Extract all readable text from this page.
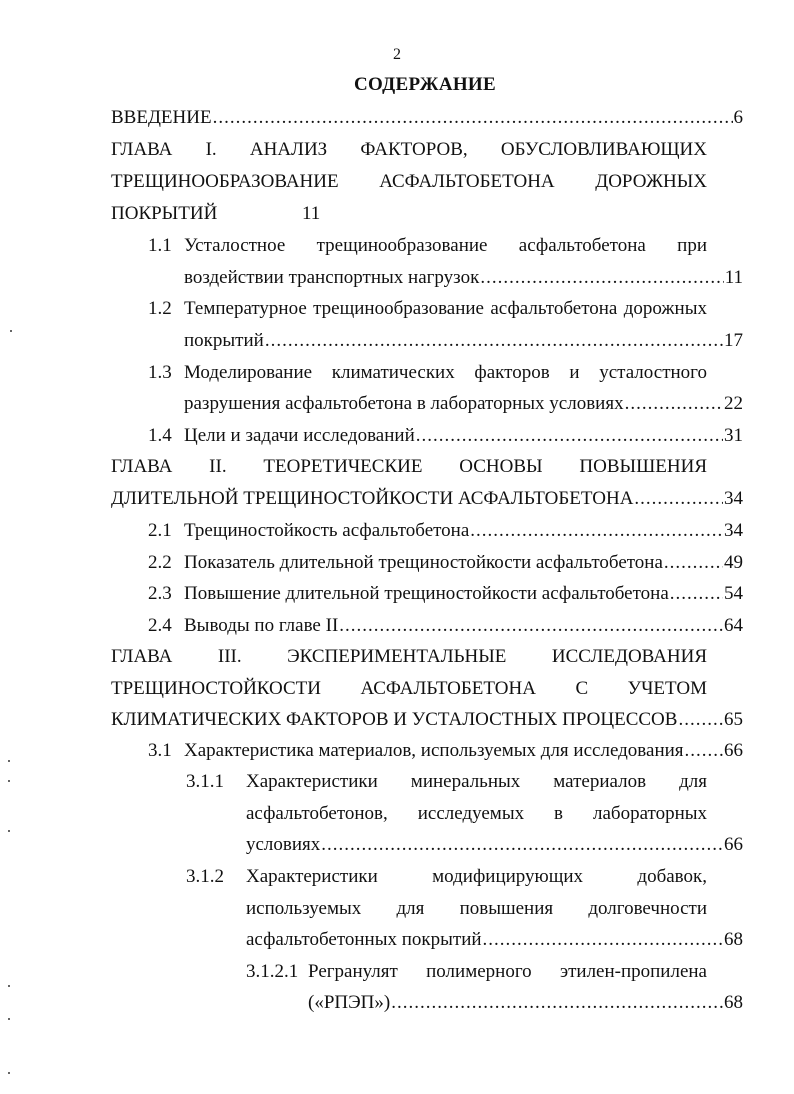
2
СОДЕРЖАНИЕ
ВВЕДЕНИЕ .....	6
ГЛАВА I. АНАЛИЗ ФАКТОРОВ, ОБУСЛОВЛИВАЮЩИХ
ТРЕЩИНООБРАЗОВАНИЕ АСФАЛЬТОБЕТОНА ДОРОЖНЫХ
ПОКРЫТИЙ	11
1.1 Усталостное трещинообразование асфальтобетона при
воздействии транспортных нагрузок .....	11
1.2 Температурное трещинообразование асфальтобетона дорожных
покрытий .....	17
1.3 Моделирование климатических факторов и усталостного
разрушения асфальтобетона в лабораторных условиях .....	22
1.4 Цели и задачи исследований .....	31
ГЛАВА II. ТЕОРЕТИЧЕСКИЕ ОСНОВЫ ПОВЫШЕНИЯ
ДЛИТЕЛЬНОЙ ТРЕЩИНОСТОЙКОСТИ АСФАЛЬТОБЕТОНА .....	34
2.1 Трещиностойкость асфальтобетона .....	34
2.2 Показатель длительной трещиностойкости асфальтобетона .....	49
2.3 Повышение длительной трещиностойкости асфальтобетона .....	54
2.4 Выводы по главе II .....	64
ГЛАВА III. ЭКСПЕРИМЕНТАЛЬНЫЕ ИССЛЕДОВАНИЯ
ТРЕЩИНОСТОЙКОСТИ АСФАЛЬТОБЕТОНА С УЧЕТОМ
КЛИМАТИЧЕСКИХ ФАКТОРОВ И УСТАЛОСТНЫХ ПРОЦЕССОВ ..... 65
3.1 Характеристика материалов, используемых для исследования ..... 66
3.1.1 Характеристики минеральных материалов для
асфальтобетонов, исследуемых в лабораторных
условиях .....	66
3.1.2 Характеристики модифицирующих добавок,
используемых для повышения долговечности
асфальтобетонных покрытий .....	68
3.1.2.1 Регранулят полимерного этилен-пропилена
(«РПЭП») .....	68
